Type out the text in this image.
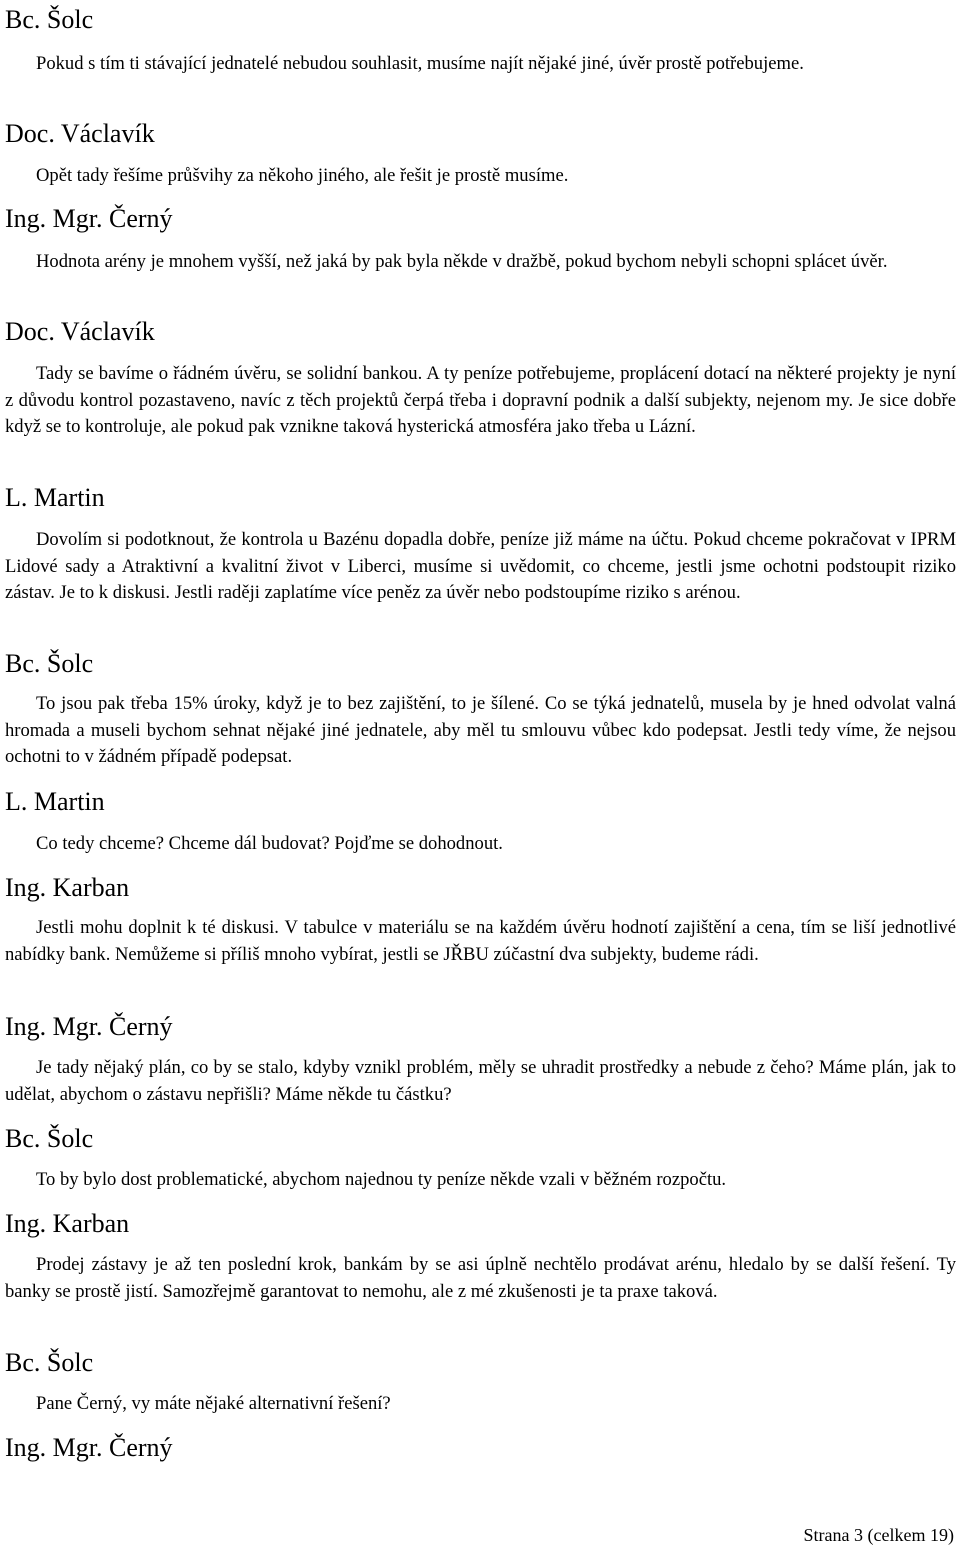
Bc. Šolc

Pokud s tím ti stávající jednatelé nebudou souhlasit, musíme najít nějaké jiné, úvěr prostě potřebujeme.

Doc. Václavík

Opět tady řešíme průšvihy za někoho jiného, ale řešit je prostě musíme.

Ing. Mgr. Černý

Hodnota arény je mnohem vyšší, než jaká by pak byla někde v dražbě, pokud bychom nebyli schopni splácet úvěr.

Doc. Václavík

Tady se bavíme o řádném úvěru, se solidní bankou. A ty peníze potřebujeme, proplácení dotací na některé projekty je nyní z důvodu kontrol pozastaveno, navíc z těch projektů čerpá třeba i dopravní podnik a další subjekty, nejenom my. Je sice dobře když se to kontroluje, ale pokud pak vznikne taková hysterická atmosféra jako třeba u Lázní.

L. Martin

Dovolím si podotknout, že kontrola u Bazénu dopadla dobře, peníze již máme na účtu. Pokud chceme pokračovat v IPRM Lidové sady a Atraktivní a kvalitní život v Liberci, musíme si uvědomit, co chceme, jestli jsme ochotni podstoupit riziko zástav. Je to k diskusi. Jestli raději zaplatíme více peněz za úvěr nebo podstoupíme riziko s arénou.

Bc. Šolc

To jsou pak třeba 15% úroky, když je to bez zajištění, to je šílené. Co se týká jednatelů, musela by je hned odvolat valná hromada a museli bychom sehnat nějaké jiné jednatele, aby měl tu smlouvu vůbec kdo podepsat. Jestli tedy víme, že nejsou ochotni to v žádném případě podepsat.

L. Martin

Co tedy chceme? Chceme dál budovat? Pojďme se dohodnout.

Ing. Karban

Jestli mohu doplnit k té diskusi. V tabulce v materiálu se na každém úvěru hodnotí zajištění a cena, tím se liší jednotlivé nabídky bank. Nemůžeme si příliš mnoho vybírat, jestli se JŘBU zúčastní dva subjekty, budeme rádi.

Ing. Mgr. Černý

Je tady nějaký plán, co by se stalo, kdyby vznikl problém, měly se uhradit prostředky a nebude z čeho? Máme plán, jak to udělat, abychom o zástavu nepřišli? Máme někde tu částku?

Bc. Šolc

To by bylo dost problematické, abychom najednou ty peníze někde vzali v běžném rozpočtu.

Ing. Karban

Prodej zástavy je až ten poslední krok, bankám by se asi úplně nechtělo prodávat arénu, hledalo by se další řešení. Ty banky se prostě jistí. Samozřejmě garantovat to nemohu, ale z mé zkušenosti je ta praxe taková.

Bc. Šolc

Pane Černý, vy máte nějaké alternativní řešení?

Ing. Mgr. Černý
Strana 3 (celkem 19)
